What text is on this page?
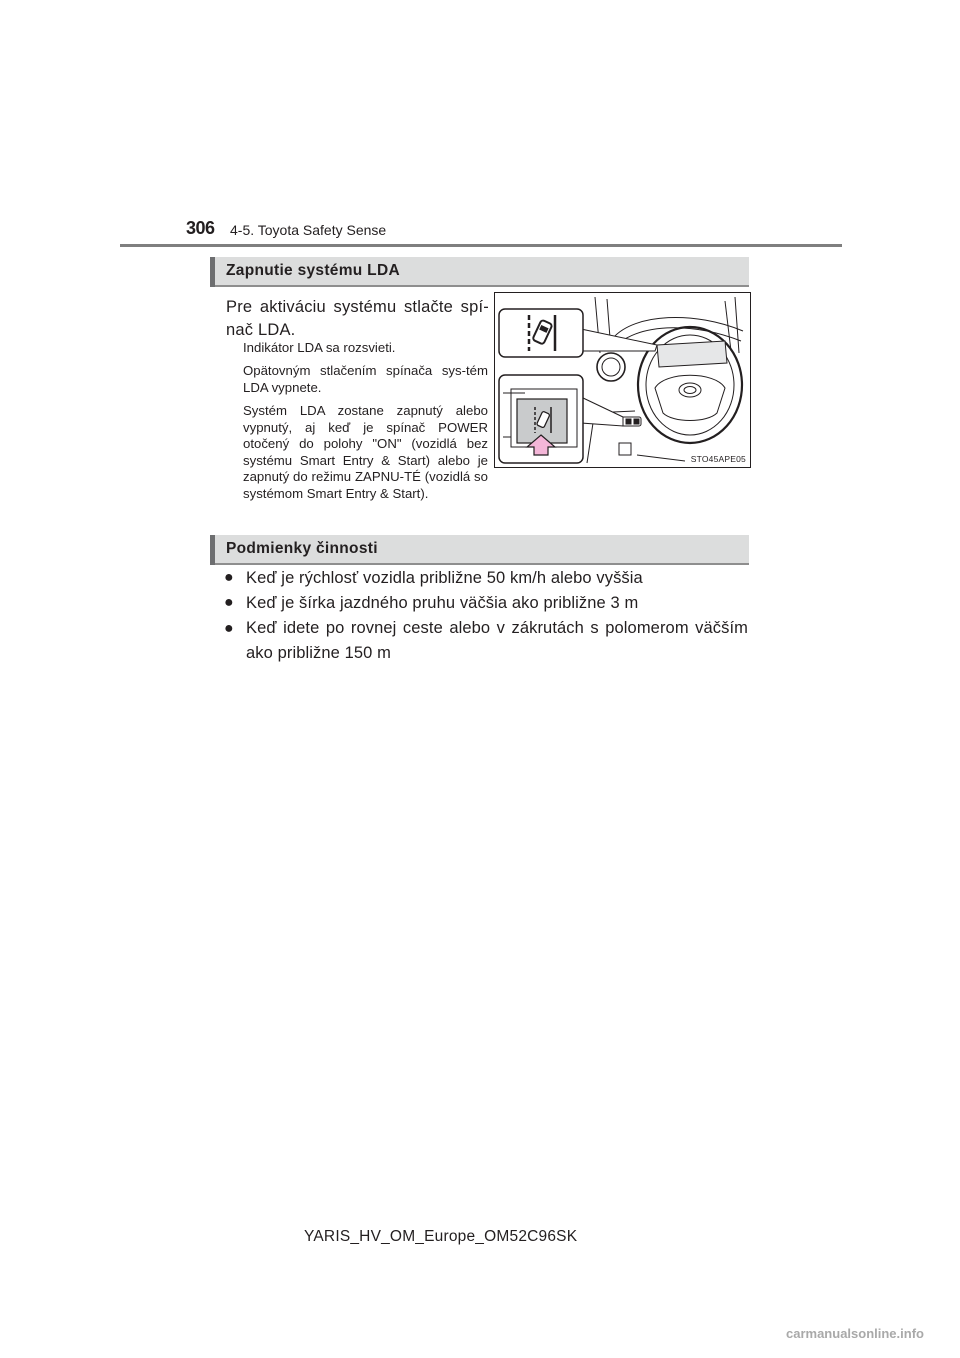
306 4-5. Toyota Safety Sense
Zapnutie systému LDA
Pre aktiváciu systému stlačte spí-nač LDA.
Indikátor LDA sa rozsvieti.
Opätovným stlačením spínača sys-tém LDA vypnete.
Systém LDA zostane zapnutý alebo vypnutý, aj keď je spínač POWER otočený do polohy "ON" (vozidlá bez systému Smart Entry & Start) alebo je zapnutý do režimu ZAPNU-TÉ (vozidlá so systémom Smart Entry & Start).
STO45APE05
Podmienky činnosti
● Keď je rýchlosť vozidla približne 50 km/h alebo vyššia
● Keď je šírka jazdného pruhu väčšia ako približne 3 m
● Keď idete po rovnej ceste alebo v zákrutách s polomerom väčším ako približne 150 m
YARIS_HV_OM_Europe_OM52C96SK
carmanualsonline.info
